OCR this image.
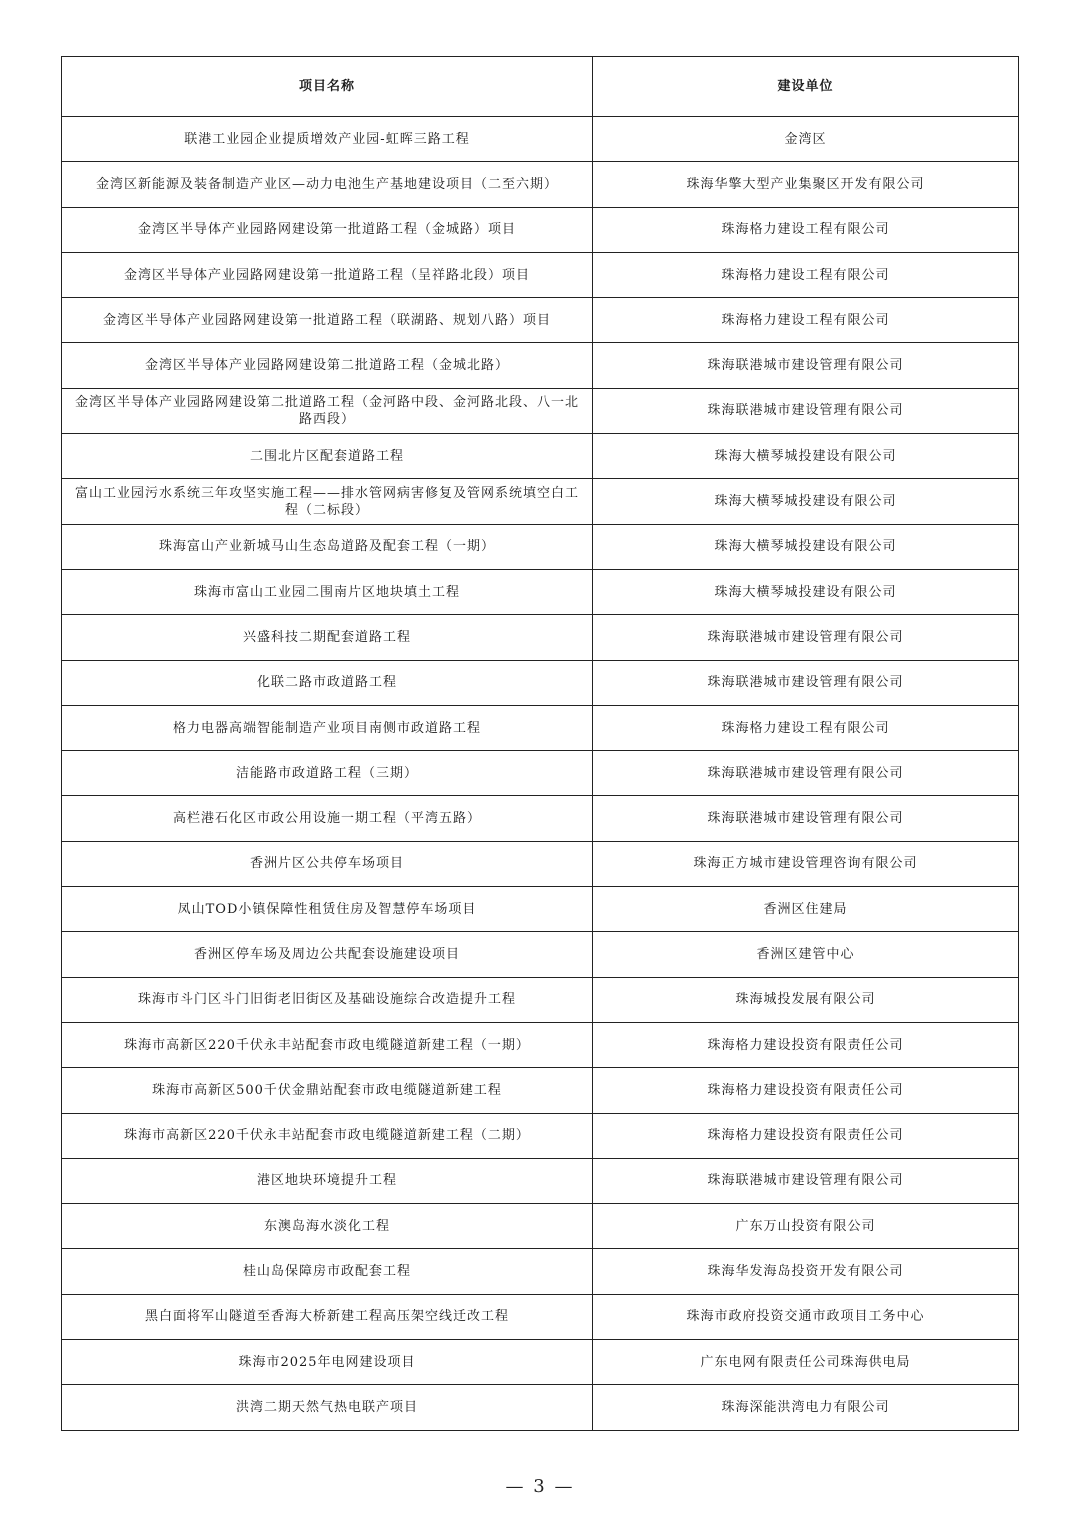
项目名称	建设单位
联港工业园企业提质增效产业园-虹晖三路工程	金湾区
金湾区新能源及装备制造产业区—动力电池生产基地建设项目（二至六期）	珠海华擎大型产业集聚区开发有限公司
金湾区半导体产业园路网建设第一批道路工程（金城路）项目	珠海格力建设工程有限公司
金湾区半导体产业园路网建设第一批道路工程（呈祥路北段）项目	珠海格力建设工程有限公司
金湾区半导体产业园路网建设第一批道路工程（联湖路、规划八路）项目	珠海格力建设工程有限公司
金湾区半导体产业园路网建设第二批道路工程（金城北路）	珠海联港城市建设管理有限公司
金湾区半导体产业园路网建设第二批道路工程（金河路中段、金河路北段、八一北路西段）	珠海联港城市建设管理有限公司
二围北片区配套道路工程	珠海大横琴城投建设有限公司
富山工业园污水系统三年攻坚实施工程——排水管网病害修复及管网系统填空白工程（二标段）	珠海大横琴城投建设有限公司
珠海富山产业新城马山生态岛道路及配套工程（一期）	珠海大横琴城投建设有限公司
珠海市富山工业园二围南片区地块填土工程	珠海大横琴城投建设有限公司
兴盛科技二期配套道路工程	珠海联港城市建设管理有限公司
化联二路市政道路工程	珠海联港城市建设管理有限公司
格力电器高端智能制造产业项目南侧市政道路工程	珠海格力建设工程有限公司
洁能路市政道路工程（三期）	珠海联港城市建设管理有限公司
高栏港石化区市政公用设施一期工程（平湾五路）	珠海联港城市建设管理有限公司
香洲片区公共停车场项目	珠海正方城市建设管理咨询有限公司
凤山TOD小镇保障性租赁住房及智慧停车场项目	香洲区住建局
香洲区停车场及周边公共配套设施建设项目	香洲区建管中心
珠海市斗门区斗门旧街老旧街区及基础设施综合改造提升工程	珠海城投发展有限公司
珠海市高新区220千伏永丰站配套市政电缆隧道新建工程（一期）	珠海格力建设投资有限责任公司
珠海市高新区500千伏金鼎站配套市政电缆隧道新建工程	珠海格力建设投资有限责任公司
珠海市高新区220千伏永丰站配套市政电缆隧道新建工程（二期）	珠海格力建设投资有限责任公司
港区地块环境提升工程	珠海联港城市建设管理有限公司
东澳岛海水淡化工程	广东万山投资有限公司
桂山岛保障房市政配套工程	珠海华发海岛投资开发有限公司
黑白面将军山隧道至香海大桥新建工程高压架空线迁改工程	珠海市政府投资交通市政项目工务中心
珠海市2025年电网建设项目	广东电网有限责任公司珠海供电局
洪湾二期天然气热电联产项目	珠海深能洪湾电力有限公司
— 3 —
